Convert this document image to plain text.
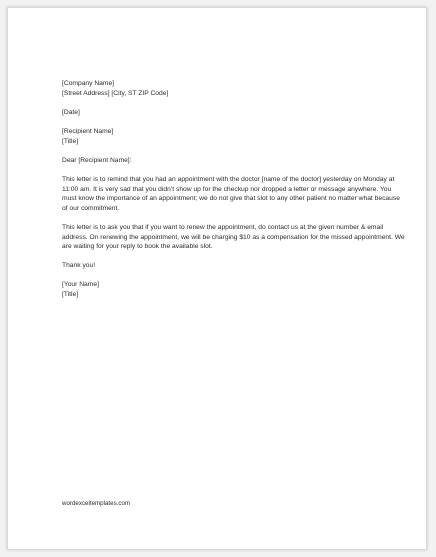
[Company Name]
[Street Address] [City, ST ZIP Code]
[Date]
[Recipient Name]
[Title]
Dear [Recipient Name]:
This letter is to remind that you had an appointment with the doctor [name of the doctor] yesterday on Monday at 11:00 am. It is very sad that you didn’t show up for the checkup nor dropped a letter or message anywhere. You must know the importance of an appointment; we do not give that slot to any other patient no matter what because of our commitment.
This letter is to ask you that if you want to renew the appointment, do contact us at the given number & email address. On renewing the appointment, we will be charging $10 as a compensation for the missed appointment. We are waiting for your reply to book the available slot.
Thank you!
[Your Name]
[Title]
wordexceltemplates.com
